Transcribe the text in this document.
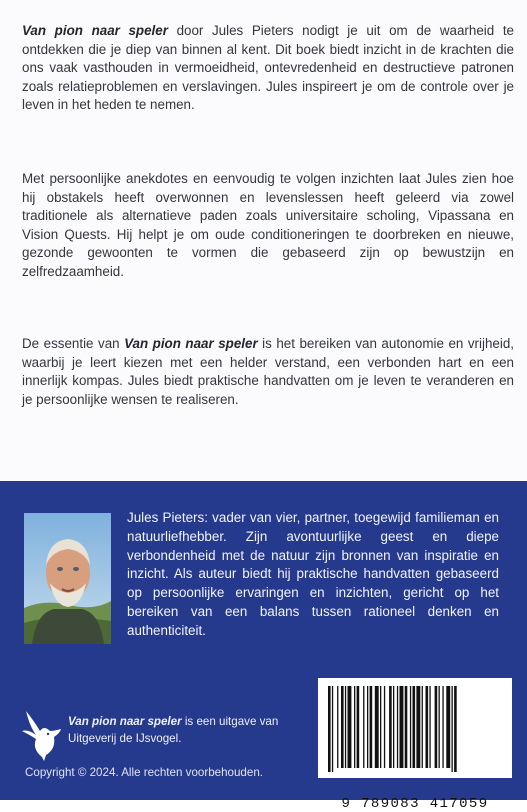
Van pion naar speler door Jules Pieters nodigt je uit om de waarheid te ontdekken die je diep van binnen al kent. Dit boek biedt inzicht in de krachten die ons vaak vasthouden in vermoeidheid, ontevredenheid en destructieve patronen zoals relatieproblemen en verslavingen. Jules inspireert je om de controle over je leven in het heden te nemen.

Met persoonlijke anekdotes en eenvoudig te volgen inzichten laat Jules zien hoe hij obstakels heeft overwonnen en levenslessen heeft geleerd via zowel traditionele als alternatieve paden zoals universitaire scholing, Vipassana en Vision Quests. Hij helpt je om oude conditioneringen te doorbreken en nieuwe, gezonde gewoonten te vormen die gebaseerd zijn op bewustzijn en zelfredzaamheid.

De essentie van Van pion naar speler is het bereiken van autonomie en vrijheid, waarbij je leert kiezen met een helder verstand, een verbonden hart en een innerlijk kompas. Jules biedt praktische handvatten om je leven te veranderen en je persoonlijke wensen te realiseren.

Jules Pieters: vader van vier, partner, toegewijd familieman en natuurliefhebber. Zijn avontuurlijke geest en diepe verbondenheid met de natuur zijn bronnen van inspiratie en inzicht. Als auteur biedt hij praktische handvatten gebaseerd op persoonlijke ervaringen en inzichten, gericht op het bereiken van een balans tussen rationeel denken en authenticiteit.

Van pion naar speler is een uitgave van
Uitgeverij de IJsvogel.

Copyright © 2024. Alle rechten voorbehouden.
9 789083 417059
